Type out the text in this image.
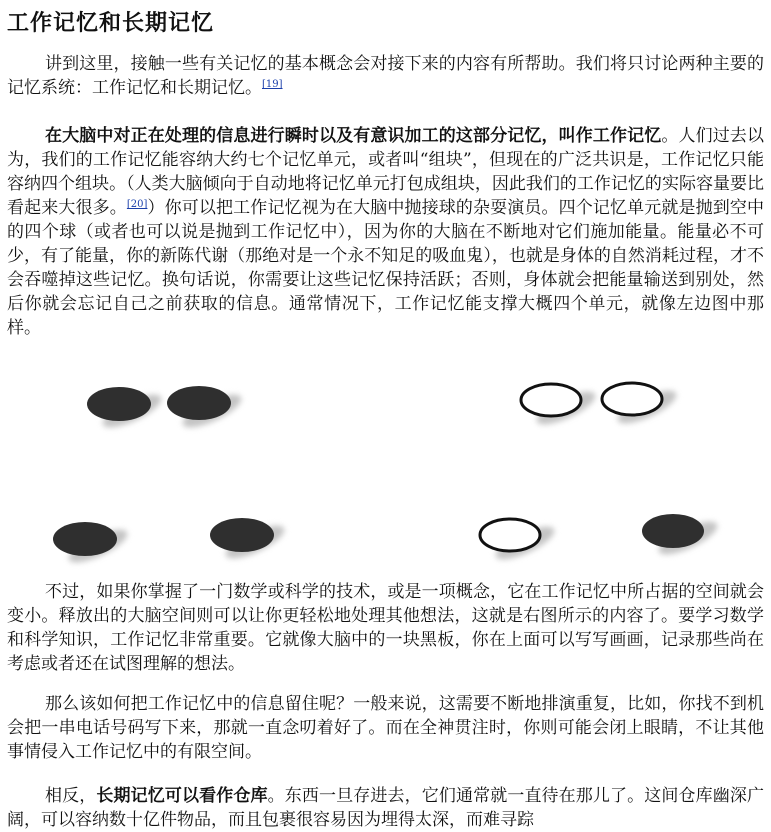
工作记忆和长期记忆

讲到这里，接触一些有关记忆的基本概念会对接下来的内容有所帮助。我们将只讨论两种主要的记忆系统：工作记忆和长期记忆。[19]

在大脑中对正在处理的信息进行瞬时以及有意识加工的这部分记忆，叫作工作记忆。人们过去以为，我们的工作记忆能容纳大约七个记忆单元，或者叫“组块”，但现在的广泛共识是，工作记忆只能容纳四个组块。（人类大脑倾向于自动地将记忆单元打包成组块，因此我们的工作记忆的实际容量要比看起来大很多。[20]）你可以把工作记忆视为在大脑中抛接球的杂耍演员。四个记忆单元就是抛到空中的四个球（或者也可以说是抛到工作记忆中），因为你的大脑在不断地对它们施加能量。能量必不可少，有了能量，你的新陈代谢（那绝对是一个永不知足的吸血鬼），也就是身体的自然消耗过程，才不会吞噬掉这些记忆。换句话说，你需要让这些记忆保持活跃；否则，身体就会把能量输送到别处，然后你就会忘记自己之前获取的信息。通常情况下，工作记忆能支撑大概四个单元，就像左边图中那样。

不过，如果你掌握了一门数学或科学的技术，或是一项概念，它在工作记忆中所占据的空间就会变小。释放出的大脑空间则可以让你更轻松地处理其他想法，这就是右图所示的内容了。要学习数学和科学知识，工作记忆非常重要。它就像大脑中的一块黑板，你在上面可以写写画画，记录那些尚在考虑或者还在试图理解的想法。

那么该如何把工作记忆中的信息留住呢？一般来说，这需要不断地排演重复，比如，你找不到机会把一串电话号码写下来，那就一直念叨着好了。而在全神贯注时，你则可能会闭上眼睛，不让其他事情侵入工作记忆中的有限空间。

相反，长期记忆可以看作仓库。东西一旦存进去，它们通常就一直待在那儿了。这间仓库幽深广阔，可以容纳数十亿件物品，而且包裹很容易因为埋得太深，而难寻踪
